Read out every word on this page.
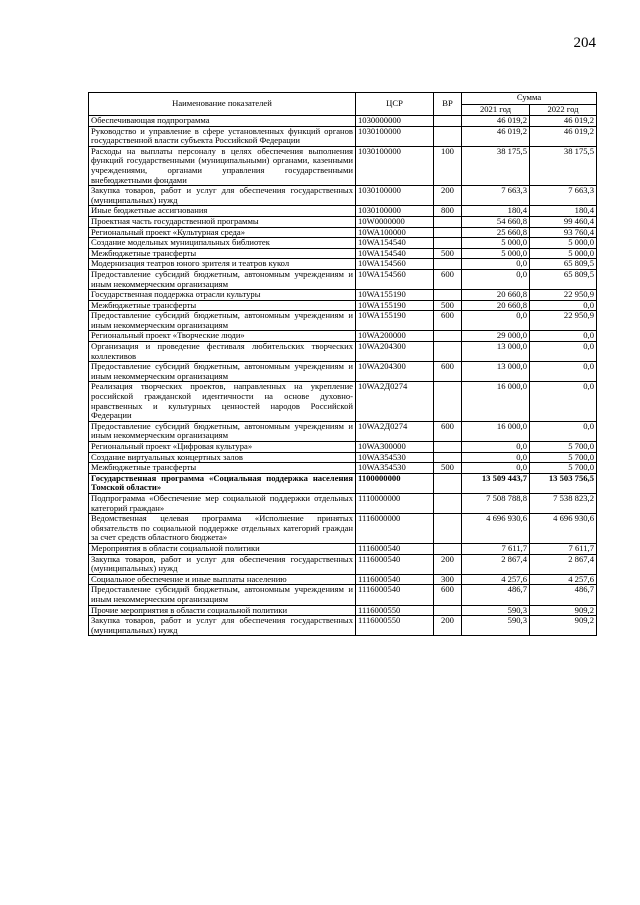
204
Наименование показателей	ЦСР	ВР	Сумма	
			2021 год	2022 год
Обеспечивающая подпрограмма	1030000000		46 019,2	46 019,2
Руководство и управление в сфере установленных функций органов государственной власти субъекта Российской Федерации	1030100000		46 019,2	46 019,2
Расходы на выплаты персоналу в целях обеспечения выполнения функций государственными (муниципальными) органами, казенными учреждениями, органами управления государственными внебюджетными фондами	1030100000	100	38 175,5	38 175,5
Закупка товаров, работ и услуг для обеспечения государственных (муниципальных) нужд	1030100000	200	7 663,3	7 663,3
Иные бюджетные ассигнования	1030100000	800	180,4	180,4
Проектная часть государственной программы	10W0000000		54 660,8	99 460,4
Региональный проект «Культурная среда»	10WA100000		25 660,8	93 760,4
Создание модельных муниципальных библиотек	10WA154540		5 000,0	5 000,0
Межбюджетные трансферты	10WA154540	500	5 000,0	5 000,0
Модернизация театров юного зрителя и театров кукол	10WA154560		0,0	65 809,5
Предоставление субсидий бюджетным, автономным учреждениям и иным некоммерческим организациям	10WA154560	600	0,0	65 809,5
Государственная поддержка отрасли культуры	10WA155190		20 660,8	22 950,9
Межбюджетные трансферты	10WA155190	500	20 660,8	0,0
Предоставление субсидий бюджетным, автономным учреждениям и иным некоммерческим организациям	10WA155190	600	0,0	22 950,9
Региональный проект «Творческие люди»	10WA200000		29 000,0	0,0
Организация и проведение фестиваля любительских творческих коллективов	10WA204300		13 000,0	0,0
Предоставление субсидий бюджетным, автономным учреждениям и иным некоммерческим организациям	10WA204300	600	13 000,0	0,0
Реализация творческих проектов, направленных на укрепление российской гражданской идентичности на основе духовно-нравственных и культурных ценностей народов Российской Федерации	10WA2Д0274		16 000,0	0,0
Предоставление субсидий бюджетным, автономным учреждениям и иным некоммерческим организациям	10WA2Д0274	600	16 000,0	0,0
Региональный проект «Цифровая культура»	10WA300000		0,0	5 700,0
Создание виртуальных концертных залов	10WA354530		0,0	5 700,0
Межбюджетные трансферты	10WA354530	500	0,0	5 700,0
Государственная программа «Социальная поддержка населения Томской области»	1100000000		13 509 443,7	13 503 756,5
Подпрограмма «Обеспечение мер социальной поддержки отдельных категорий граждан»	1110000000		7 508 788,8	7 538 823,2
Ведомственная целевая программа «Исполнение принятых обязательств по социальной поддержке отдельных категорий граждан за счет средств областного бюджета»	1116000000		4 696 930,6	4 696 930,6
Мероприятия в области социальной политики	1116000540		7 611,7	7 611,7
Закупка товаров, работ и услуг для обеспечения государственных (муниципальных) нужд	1116000540	200	2 867,4	2 867,4
Социальное обеспечение и иные выплаты населению	1116000540	300	4 257,6	4 257,6
Предоставление субсидий бюджетным, автономным учреждениям и иным некоммерческим организациям	1116000540	600	486,7	486,7
Прочие мероприятия в области социальной политики	1116000550		590,3	909,2
Закупка товаров, работ и услуг для обеспечения государственных (муниципальных) нужд	1116000550	200	590,3	909,2
